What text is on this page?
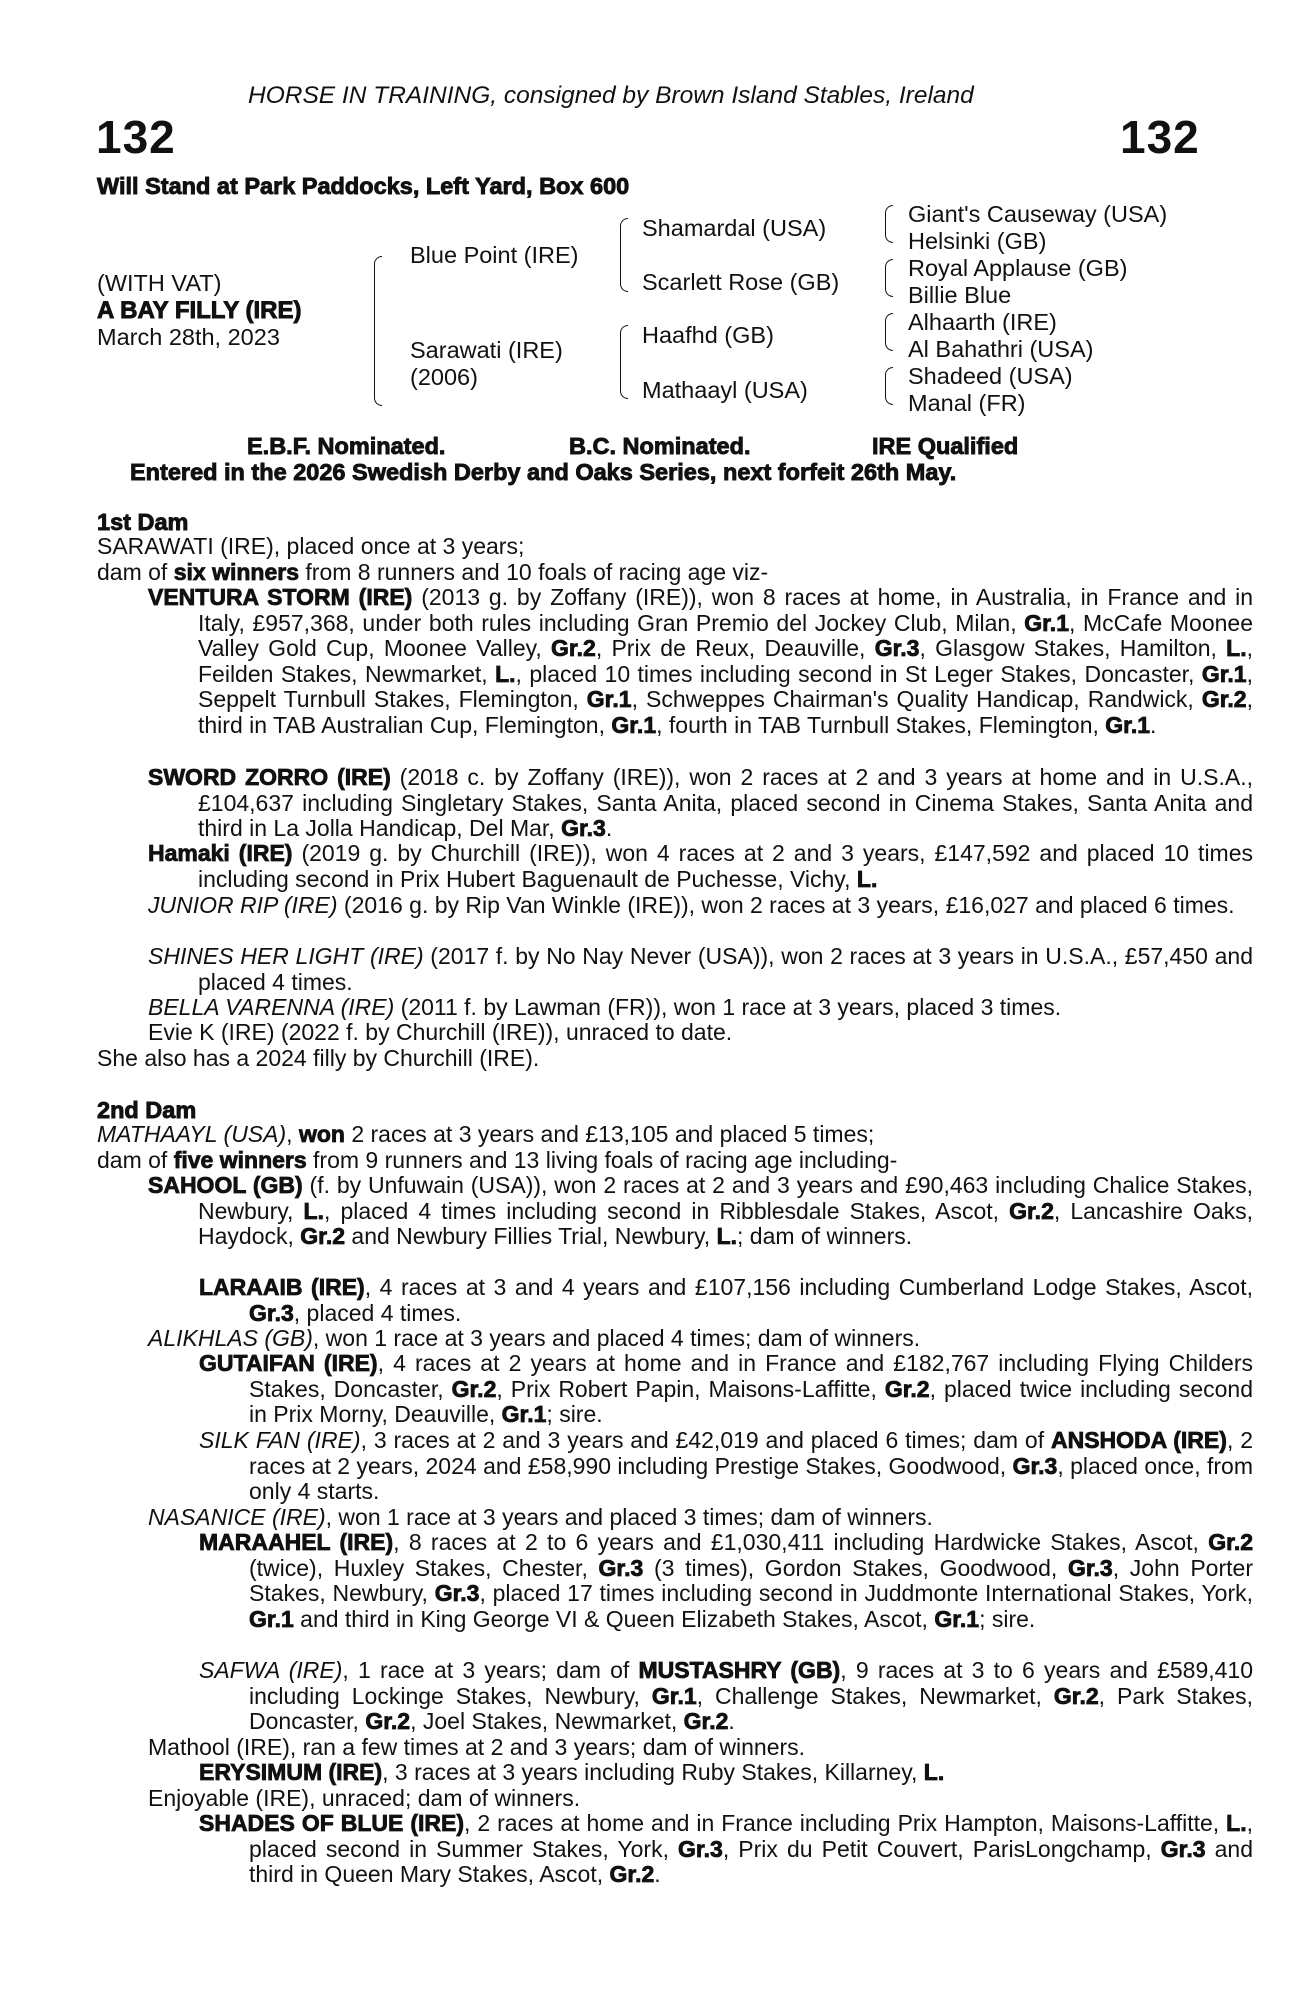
HORSE IN TRAINING, consigned by Brown Island Stables, Ireland
132	132
Will Stand at Park Paddocks, Left Yard, Box 600
(WITH VAT)
A BAY FILLY (IRE)
March 28th, 2023
Blue Point (IRE)
Sarawati (IRE)
(2006)
Shamardal (USA)
Scarlett Rose (GB)
Haafhd (GB)
Mathaayl (USA)
Giant's Causeway (USA)
Helsinki (GB)
Royal Applause (GB)
Billie Blue
Alhaarth (IRE)
Al Bahathri (USA)
Shadeed (USA)
Manal (FR)
E.B.F. Nominated.	B.C. Nominated.	IRE Qualified
Entered in the 2026 Swedish Derby and Oaks Series, next forfeit 26th May.
1st Dam
SARAWATI (IRE), placed once at 3 years;
dam of six winners from 8 runners and 10 foals of racing age viz-
VENTURA STORM (IRE) (2013 g. by Zoffany (IRE)), won 8 races at home, in Australia, in France and in Italy, £957,368, under both rules including Gran Premio del Jockey Club, Milan, Gr.1, McCafe Moonee Valley Gold Cup, Moonee Valley, Gr.2, Prix de Reux, Deauville, Gr.3, Glasgow Stakes, Hamilton, L., Feilden Stakes, Newmarket, L., placed 10 times including second in St Leger Stakes, Doncaster, Gr.1, Seppelt Turnbull Stakes, Flemington, Gr.1, Schweppes Chairman's Quality Handicap, Randwick, Gr.2, third in TAB Australian Cup, Flemington, Gr.1, fourth in TAB Turnbull Stakes, Flemington, Gr.1.
SWORD ZORRO (IRE) (2018 c. by Zoffany (IRE)), won 2 races at 2 and 3 years at home and in U.S.A., £104,637 including Singletary Stakes, Santa Anita, placed second in Cinema Stakes, Santa Anita and third in La Jolla Handicap, Del Mar, Gr.3.
Hamaki (IRE) (2019 g. by Churchill (IRE)), won 4 races at 2 and 3 years, £147,592 and placed 10 times including second in Prix Hubert Baguenault de Puchesse, Vichy, L.
JUNIOR RIP (IRE) (2016 g. by Rip Van Winkle (IRE)), won 2 races at 3 years, £16,027 and placed 6 times.
SHINES HER LIGHT (IRE) (2017 f. by No Nay Never (USA)), won 2 races at 3 years in U.S.A., £57,450 and placed 4 times.
BELLA VARENNA (IRE) (2011 f. by Lawman (FR)), won 1 race at 3 years, placed 3 times.
Evie K (IRE) (2022 f. by Churchill (IRE)), unraced to date.
She also has a 2024 filly by Churchill (IRE).
2nd Dam
MATHAAYL (USA), won 2 races at 3 years and £13,105 and placed 5 times;
dam of five winners from 9 runners and 13 living foals of racing age including-
SAHOOL (GB) (f. by Unfuwain (USA)), won 2 races at 2 and 3 years and £90,463 including Chalice Stakes, Newbury, L., placed 4 times including second in Ribblesdale Stakes, Ascot, Gr.2, Lancashire Oaks, Haydock, Gr.2 and Newbury Fillies Trial, Newbury, L.; dam of winners.
LARAAIB (IRE), 4 races at 3 and 4 years and £107,156 including Cumberland Lodge Stakes, Ascot, Gr.3, placed 4 times.
ALIKHLAS (GB), won 1 race at 3 years and placed 4 times; dam of winners.
GUTAIFAN (IRE), 4 races at 2 years at home and in France and £182,767 including Flying Childers Stakes, Doncaster, Gr.2, Prix Robert Papin, Maisons-Laffitte, Gr.2, placed twice including second in Prix Morny, Deauville, Gr.1; sire.
SILK FAN (IRE), 3 races at 2 and 3 years and £42,019 and placed 6 times; dam of ANSHODA (IRE), 2 races at 2 years, 2024 and £58,990 including Prestige Stakes, Goodwood, Gr.3, placed once, from only 4 starts.
NASANICE (IRE), won 1 race at 3 years and placed 3 times; dam of winners.
MARAAHEL (IRE), 8 races at 2 to 6 years and £1,030,411 including Hardwicke Stakes, Ascot, Gr.2 (twice), Huxley Stakes, Chester, Gr.3 (3 times), Gordon Stakes, Goodwood, Gr.3, John Porter Stakes, Newbury, Gr.3, placed 17 times including second in Juddmonte International Stakes, York, Gr.1 and third in King George VI & Queen Elizabeth Stakes, Ascot, Gr.1; sire.
SAFWA (IRE), 1 race at 3 years; dam of MUSTASHRY (GB), 9 races at 3 to 6 years and £589,410 including Lockinge Stakes, Newbury, Gr.1, Challenge Stakes, Newmarket, Gr.2, Park Stakes, Doncaster, Gr.2, Joel Stakes, Newmarket, Gr.2.
Mathool (IRE), ran a few times at 2 and 3 years; dam of winners.
ERYSIMUM (IRE), 3 races at 3 years including Ruby Stakes, Killarney, L.
Enjoyable (IRE), unraced; dam of winners.
SHADES OF BLUE (IRE), 2 races at home and in France including Prix Hampton, Maisons-Laffitte, L., placed second in Summer Stakes, York, Gr.3, Prix du Petit Couvert, ParisLongchamp, Gr.3 and third in Queen Mary Stakes, Ascot, Gr.2.
